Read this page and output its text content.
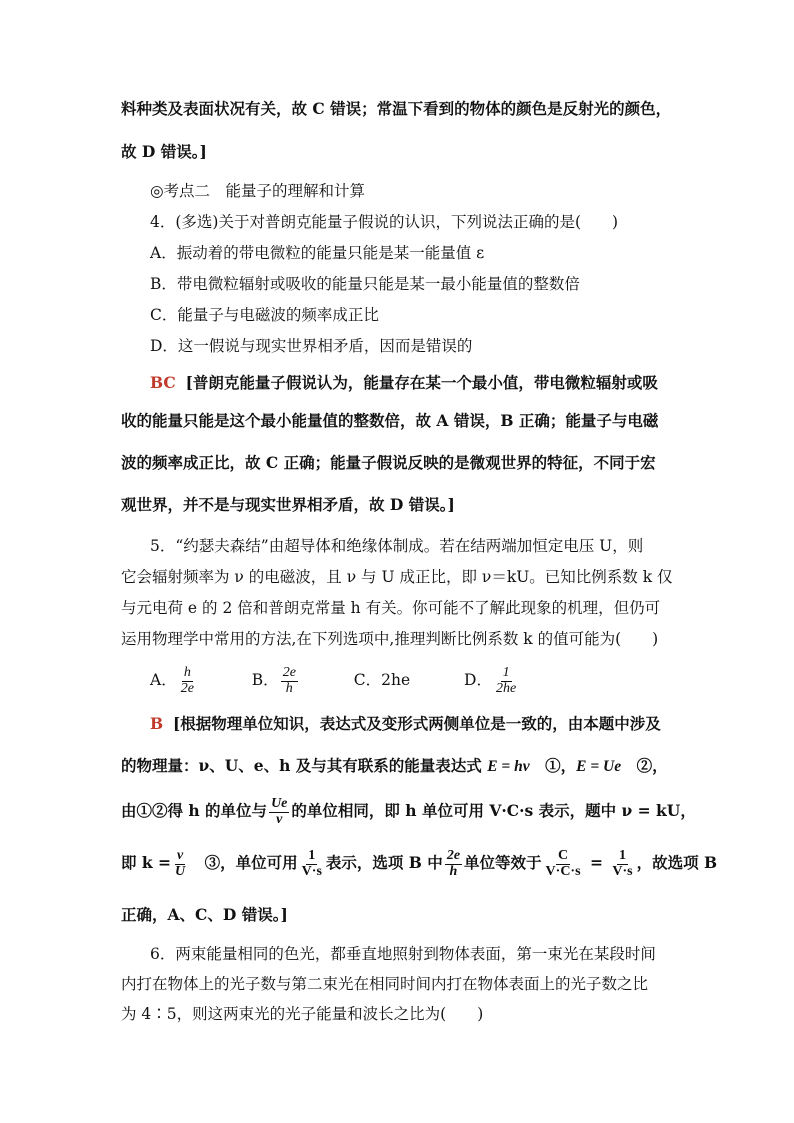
料种类及表面状况有关，故 C 错误；常温下看到的物体的颜色是反射光的颜色，
故 D 错误。]
◎考点二　能量子的理解和计算
4．(多选)关于对普朗克能量子假说的认识，下列说法正确的是(　　)
A．振动着的带电微粒的能量只能是某一能量值 ε
B．带电微粒辐射或吸收的能量只能是某一最小能量值的整数倍
C．能量子与电磁波的频率成正比
D．这一假说与现实世界相矛盾，因而是错误的
BC [普朗克能量子假说认为，能量存在某一个最小值，带电微粒辐射或吸
收的能量只能是这个最小能量值的整数倍，故 A 错误，B 正确；能量子与电磁
波的频率成正比，故 C 正确；能量子假说反映的是微观世界的特征，不同于宏
观世界，并不是与现实世界相矛盾，故 D 错误。]
5．“约瑟夫森结”由超导体和绝缘体制成。若在结两端加恒定电压 U，则
它会辐射频率为 ν 的电磁波，且 ν 与 U 成正比，即 ν＝kU。已知比例系数 k 仅
与元电荷 e 的 2 倍和普朗克常量 h 有关。你可能不了解此现象的机理，但仍可
运用物理学中常用的方法,在下列选项中,推理判断比例系数 k 的值可能为(　　)
A． $\frac{h}{2e}$	B． $\frac{2e}{h}$	C．2he	D． $\frac{1}{2he}$
B [根据物理单位知识，表达式及变形式两侧单位是一致的，由本题中涉及
的物理量：ν、U、e、h 及与其有联系的能量表达式 E = hν　①，E = Ue　②，
由①②得 h 的单位与 $\frac{Ue}{\nu}$ 的单位相同，即 h 单位可用 V·C·s 表示，题中 ν = kU，
即 $k = \frac{\nu}{U}$ 　③，单位可用 $\frac{1}{V\cdot s}$ 表示，选项 B 中 $\frac{2e}{h}$ 单位等效于 $\frac{C}{V\cdot C\cdot s} = \frac{1}{V\cdot s}$ ，故选项 B
正确，A、C、D 错误。]
6．两束能量相同的色光，都垂直地照射到物体表面，第一束光在某段时间
内打在物体上的光子数与第二束光在相同时间内打在物体表面上的光子数之比
为 4∶5，则这两束光的光子能量和波长之比为(　　)
